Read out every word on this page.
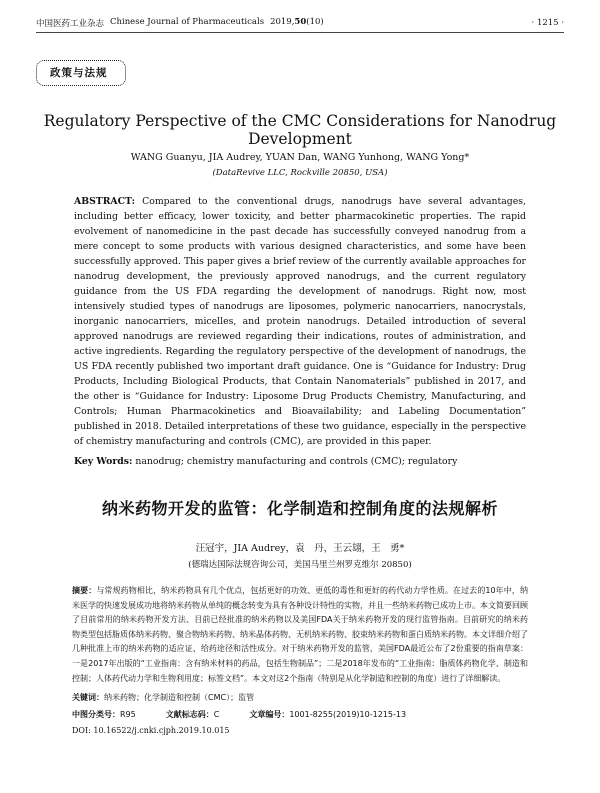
中国医药工业杂志 Chinese Journal of Pharmaceuticals 2019,50(10)	· 1215 ·
政策与法规
Regulatory Perspective of the CMC Considerations for Nanodrug Development
WANG Guanyu, JIA Audrey, YUAN Dan, WANG Yunhong, WANG Yong*
(DataRevive LLC, Rockville 20850, USA)
ABSTRACT: Compared to the conventional drugs, nanodrugs have several advantages, including better efficacy, lower toxicity, and better pharmacokinetic properties. The rapid evolvement of nanomedicine in the past decade has successfully conveyed nanodrug from a mere concept to some products with various designed characteristics, and some have been successfully approved. This paper gives a brief review of the currently available approaches for nanodrug development, the previously approved nanodrugs, and the current regulatory guidance from the US FDA regarding the development of nanodrugs. Right now, most intensively studied types of nanodrugs are liposomes, polymeric nanocarriers, nanocrystals, inorganic nanocarriers, micelles, and protein nanodrugs. Detailed introduction of several approved nanodrugs are reviewed regarding their indications, routes of administration, and active ingredients. Regarding the regulatory perspective of the development of nanodrugs, the US FDA recently published two important draft guidance. One is “Guidance for Industry: Drug Products, Including Biological Products, that Contain Nanomaterials” published in 2017, and the other is “Guidance for Industry: Liposome Drug Products Chemistry, Manufacturing, and Controls; Human Pharmacokinetics and Bioavailability; and Labeling Documentation” published in 2018. Detailed interpretations of these two guidance, especially in the perspective of chemistry manufacturing and controls (CMC), are provided in this paper.
Key Words: nanodrug; chemistry manufacturing and controls (CMC); regulatory
纳米药物开发的监管：化学制造和控制角度的法规解析
汪冠宇，JIA Audrey，袁　丹，王云翃，王　勇*
(德瑞达国际法规咨询公司，美国马里兰州罗克维尔 20850)
摘要：与常规药物相比，纳米药物具有几个优点，包括更好的功效、更低的毒性和更好的药代动力学性质。在过去的10年中，纳米医学的快速发展成功地将纳米药物从单纯的概念转变为具有各种设计特性的实物，并且一些纳米药物已成功上市。本文简要回顾了目前常用的纳米药物开发方法、目前已经批准的纳米药物以及美国FDA关于纳米药物开发的现行监管指南。目前研究的纳米药物类型包括脂质体纳米药物、聚合物纳米药物、纳米晶体药物、无机纳米药物、胶束纳米药物和蛋白质纳米药物。本文详细介绍了几种批准上市的纳米药物的适应证、给药途径和活性成分。对于纳米药物开发的监管，美国FDA最近公布了2份重要的指南草案：一是2017年出版的“工业指南：含有纳米材料的药品，包括生物制品”；二是2018年发布的“工业指南：脂质体药物化学、制造和控制；人体药代动力学和生物利用度；标签文档”。本文对这2个指南（特别是从化学制造和控制的角度）进行了详细解读。
关键词：纳米药物；化学制造和控制（CMC）；监管
中图分类号：R95	文献标志码：C	文章编号：1001-8255(2019)10-1215-13
DOI: 10.16522/j.cnki.cjph.2019.10.015
